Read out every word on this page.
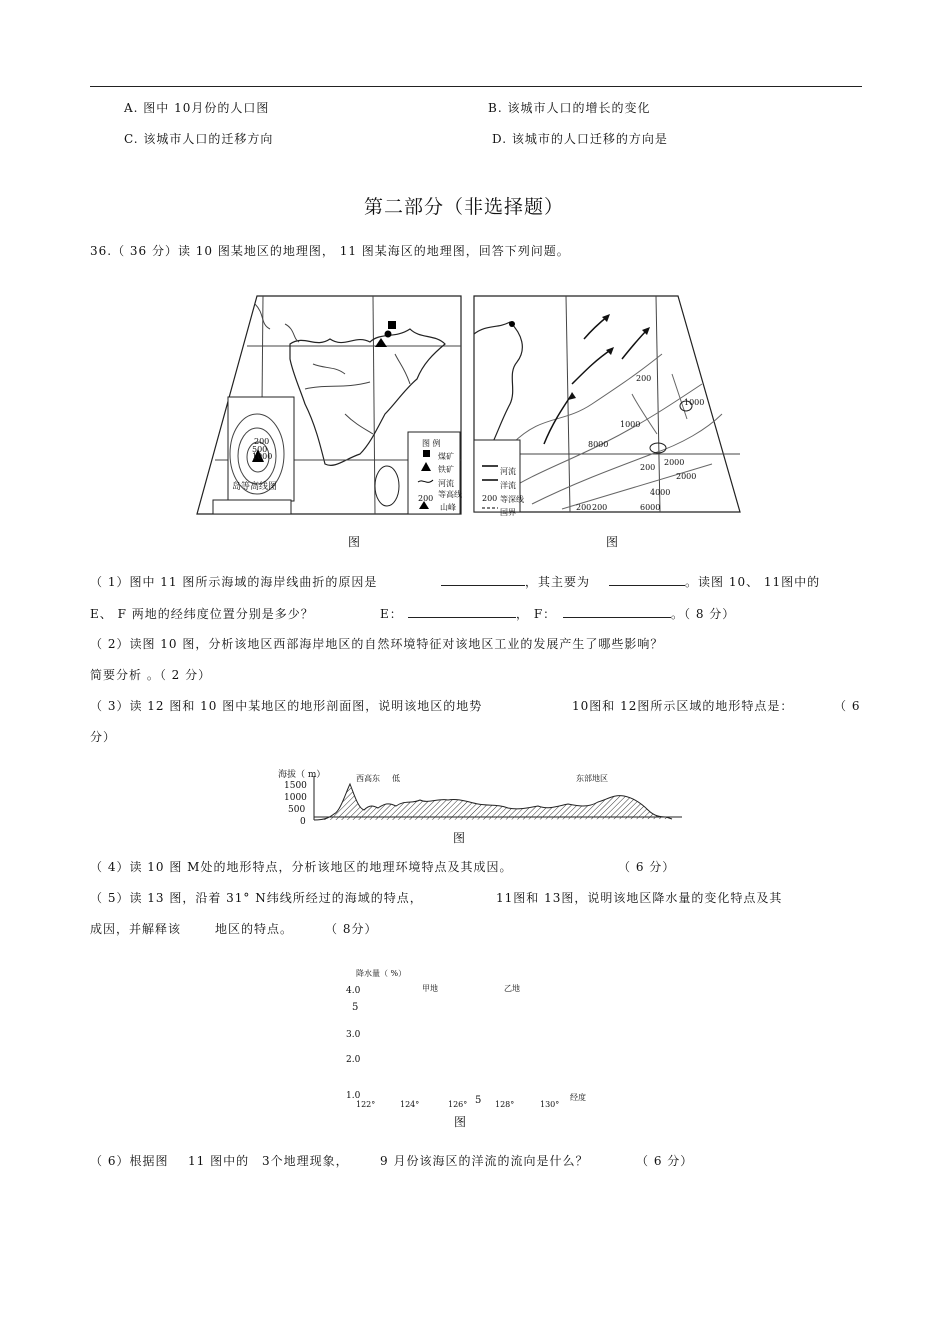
A. 图中 10月份的人口图	B. 该城市人口的增长的变化
C. 该城市人口的迁移方向	D. 该城市的人口迁移的方向是
第二部分（非选择题）
36.（ 36 分）读 10 图某地区的地理图， 11 图某海区的地理图，回答下列问题。
岛等高线图
200
500
1000
图 例
煤矿
铁矿
河流
等高线
山峰
200
图
河流
洋流
等深线
国界
200
200 200
200
1000
2000
4000
6000
8000
1000
2000
200
图
（ 1）图中 11 图所示海域的海岸线曲折的原因是	，其主要为	。读图 10、 11图中的
E、 F 两地的经纬度位置分别是多少？	E：	， F：	。（ 8 分）
（ 2）读图 10 图，分析该地区西部海岸地区的自然环境特征对该地区工业的发展产生了哪些影响？
简要分析 。（ 2 分）
（ 3）读 12 图和 10 图中某地区的地形剖面图，说明该地区的地势	10图和 12图所示区域的地形特点是：	（ 6
分）
海拔（ m）	西高东 低	东部地区
1500
1000
500
0
图
（ 4）读 10 图 M处的地形特点，分析该地区的地理环境特点及其成因。	（ 6 分）
（ 5）读 13 图，沿着 31° N纬线所经过的海域的特点，	11图和 13图，说明该地区降水量的变化特点及其
成因，并解释该	地区的特点。	（ 8分）
降水量（ %）
甲地	乙地
4.0
5
3.0
2.0
1.0
122°	124°	126° 5 128°	130°
经度
图
（ 6）根据图 11 图中的 3个地理现象，	9 月份该海区的洋流的流向是什么？	（ 6 分）
